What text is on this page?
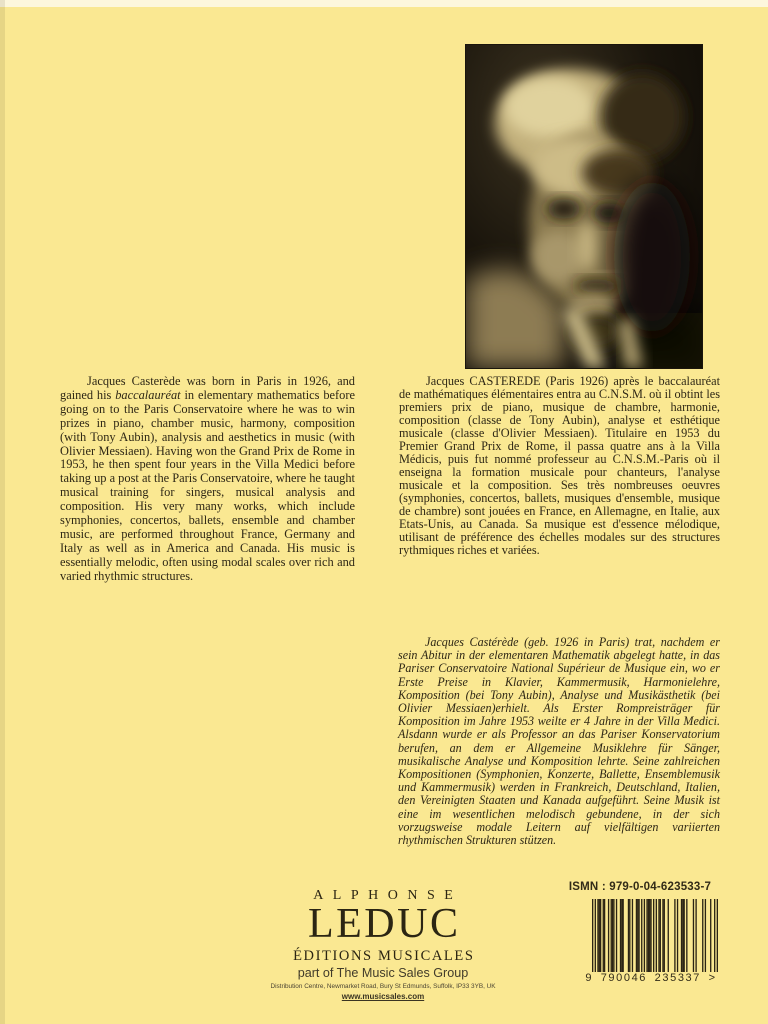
Jacques Casterède was born in Paris in 1926, and gained his baccalauréat in elementary mathematics before going on to the Paris Conservatoire where he was to win prizes in piano, chamber music, harmony, composition (with Tony Aubin), analysis and aesthetics in music (with Olivier Messiaen). Having won the Grand Prix de Rome in 1953, he then spent four years in the Villa Medici before taking up a post at the Paris Conservatoire, where he taught musical training for singers, musical analysis and composition. His very many works, which include symphonies, concertos, ballets, ensemble and chamber music, are performed throughout France, Germany and Italy as well as in America and Canada. His music is essentially melodic, often using modal scales over rich and varied rhythmic structures.

Jacques CASTEREDE (Paris 1926) après le baccalauréat de mathématiques élémentaires entra au C.N.S.M. où il obtint les premiers prix de piano, musique de chambre, harmonie, composition (classe de Tony Aubin), analyse et esthétique musicale (classe d'Olivier Messiaen). Titulaire en 1953 du Premier Grand Prix de Rome, il passa quatre ans à la Villa Médicis, puis fut nommé professeur au C.N.S.M.-Paris où il enseigna la formation musicale pour chanteurs, l'analyse musicale et la composition. Ses très nombreuses oeuvres (symphonies, concertos, ballets, musiques d'ensemble, musique de chambre) sont jouées en France, en Allemagne, en Italie, aux Etats-Unis, au Canada. Sa musique est d'essence mélodique, utilisant de préférence des échelles modales sur des structures rythmiques riches et variées.

Jacques Castérède (geb. 1926 in Paris) trat, nachdem er sein Abitur in der elementaren Mathematik abgelegt hatte, in das Pariser Conservatoire National Supérieur de Musique ein, wo er Erste Preise in Klavier, Kammermusik, Harmonielehre, Komposition (bei Tony Aubin), Analyse und Musikästhetik (bei Olivier Messiaen)erhielt. Als Erster Rompreisträger für Komposition im Jahre 1953 weilte er 4 Jahre in der Villa Medici. Alsdann wurde er als Professor an das Pariser Konservatorium berufen, an dem er Allgemeine Musiklehre für Sänger, musikalische Analyse und Komposition lehrte. Seine zahlreichen Kompositionen (Symphonien, Konzerte, Ballette, Ensemblemusik und Kammermusik) werden in Frankreich, Deutschland, Italien, den Vereinigten Staaten und Kanada aufgeführt. Seine Musik ist eine im wesentlichen melodisch gebundene, in der sich vorzugsweise modale Leitern auf vielfältigen variierten rhythmischen Strukturen stützen.

ALPHONSE
LEDUC
ÉDITIONS MUSICALES
part of The Music Sales Group
Distribution Centre, Newmarket Road, Bury St Edmunds, Suffolk, IP33 3YB, UK
www.musicsales.com
ISMN : 979-0-04-623533-7
9 790046 235337 >
